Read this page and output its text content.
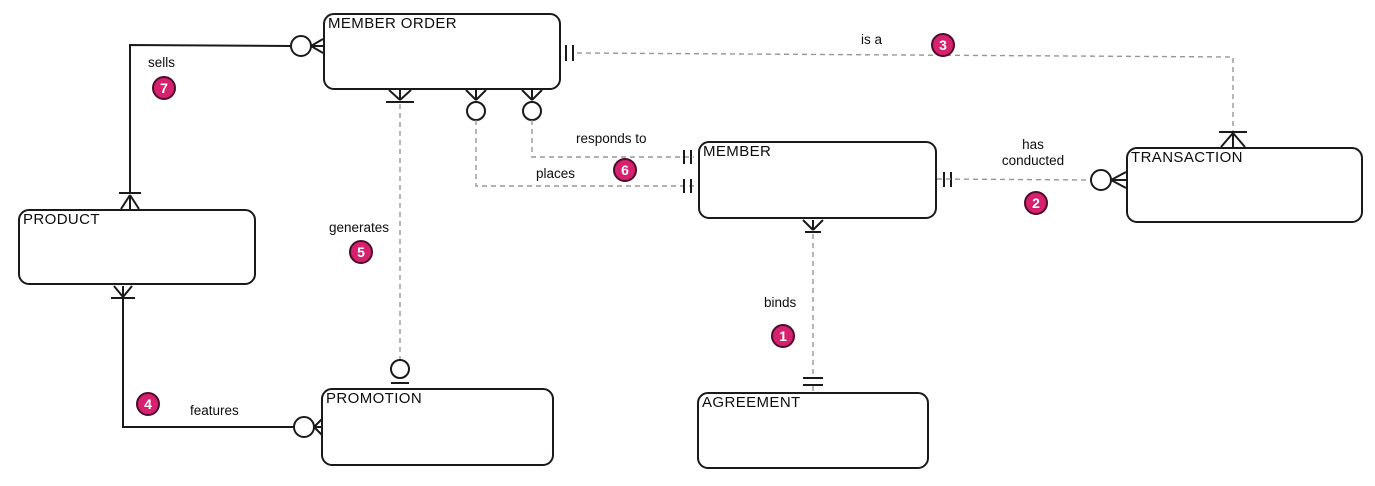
MEMBER ORDER
PRODUCT
PROMOTION
MEMBER	TRANSACTION
AGREEMENT
sells
features
generates
places
responds to
binds
has conducted
is a
1
2
3
4
5
6
7
